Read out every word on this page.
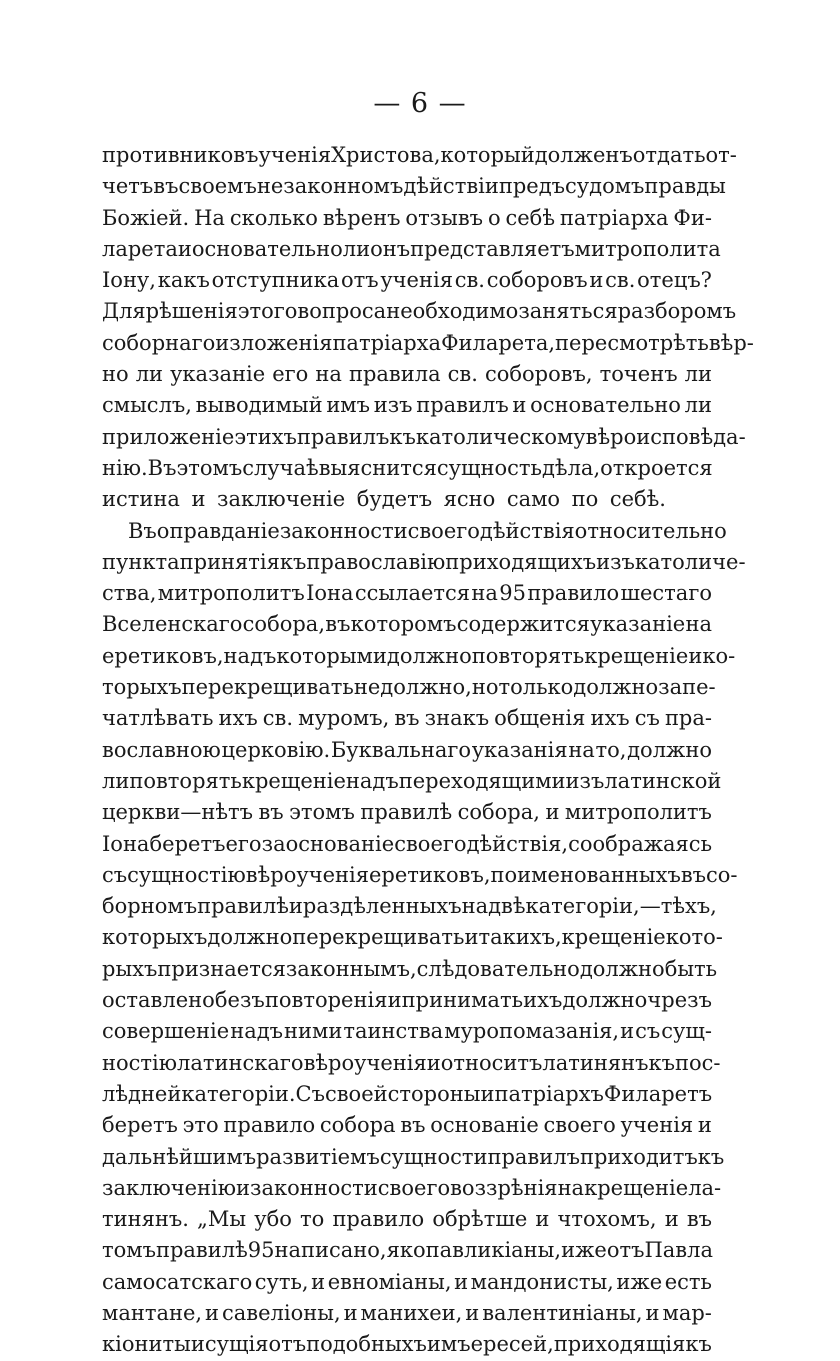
— 6 —
противниковъ ученія Христова, который долженъ отдать от-
четъ въ своемъ незаконномъ дѣйствіи предъ судомъ правды
Божіей. На сколько вѣренъ отзывъ о себѣ патріарха Фи-
ларета и основательно ли онъ представляетъ митрополита
Іону, какъ отступника отъ ученія св. соборовъ и св. отецъ?
Для рѣшенія этого вопроса необходимо заняться разборомъ
соборнаго изложенія патріарха Филарета, пересмотрѣть вѣр-
но ли указаніе его на правила св. соборовъ, точенъ ли
смыслъ, выводимый имъ изъ правилъ и основательно ли
приложеніе этихъ правилъ къ католическому вѣроисповѣда-
нію. Въ этомъ случаѣ выяснится сущность дѣла, откроется
истина и заключеніе будетъ ясно само по себѣ.
Въ оправданіе законности своего дѣйствія относительно
пункта принятія къ православію приходящихъ изъ католиче-
ства, митрополитъ Іона ссылается на 95 правило шестаго
Вселенскаго собора, въ которомъ содержится указаніе на
еретиковъ, надъ которыми должно повторять крещеніе и ко-
торыхъ перекрещивать не должно, но только должно запе-
чатлѣвать ихъ св. муромъ, въ знакъ общенія ихъ съ пра-
вославною церковію. Буквальнаго указанія на то, должно
ли повторять крещеніе надъ переходящими изъ латинской
церкви—нѣтъ въ этомъ правилѣ собора, и митрополитъ
Іона беретъ его за основаніе своего дѣйствія, соображаясь
съ сущностію вѣроученія еретиковъ, поименованныхъ въ со-
борномъ правилѣ и раздѣленныхъ на двѣ категоріи,—тѣхъ,
которыхъ должно перекрещивать и такихъ, крещеніе кото-
рыхъ признается законнымъ, слѣдовательно должно быть
оставлено безъ повторенія и принимать ихъ должно чрезъ
совершеніе надъ ними таинства муропомазанія, и съ сущ-
ностію латинскаго вѣроученія и относитъ латинянъ къ пос-
лѣдней категоріи. Съ своей стороны и патріархъ Филаретъ
беретъ это правило собора въ основаніе своего ученія и
дальнѣйшимъ развитіемъ сущности правилъ приходитъ къ
заключенію и законности своего воззрѣнія на крещеніе ла-
тинянъ. „Мы убо то правило обрѣтше и чтохомъ, и въ
томъ правилѣ 95 написано, яко павликіаны, иже отъ Павла
самосатскаго суть, и евноміаны, и мандонисты, иже есть
мантане, и савеліоны, и манихеи, и валентиніаны, и мар-
кіониты и сущія отъ подобныхъ имъ ересей, приходящія къ
